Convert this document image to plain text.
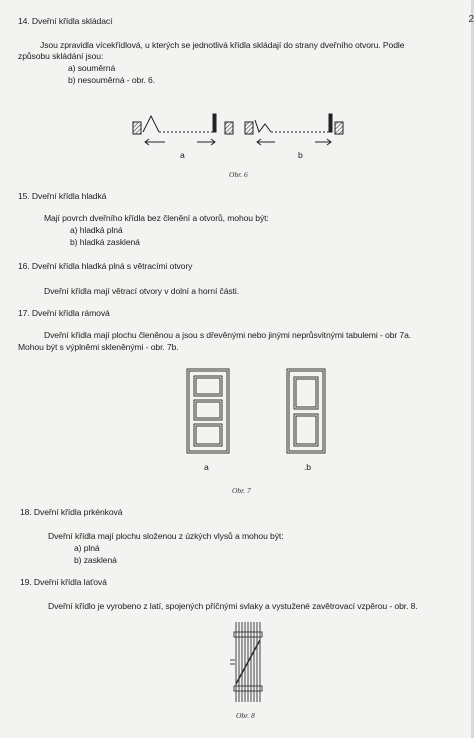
2
14. Dveřní křídla skládací
Jsou zpravidla vícekřídlová, u kterých se jednotlivá křídla skládají do strany dveřního otvoru. Podle
způsobu skládání jsou:
a) souměrná
b) nesouměrná - obr. 6.
a	b
Obr. 6
15. Dveřní křídla hladká
Mají povrch dveřního křídla bez členění a otvorů, mohou být:
a) hladká plná
b) hladká zasklená
16. Dveřní křídla hladká plná s větracími otvory
Dveřní křídla mají větrací otvory v dolní a horní části.
17. Dveřní křídla rámová
Dveřní křídla mají plochu členěnou a jsou s dřevěnými nebo jinými neprůsvitnými tabulemi - obr 7a.
Mohou být s výplněmi skleněnými - obr. 7b.
a	.b
Obr. 7
18. Dveřní křídla prkénková
Dveřní křídla mají plochu složenou z úzkých vlysů a mohou být:
a) plná
b) zasklená
19. Dveřní křídla laťová
Dveřní křídlo je vyrobeno z latí, spojených příčnými svlaky a vystužené zavětrovací vzpěrou - obr. 8.
Obr. 8
